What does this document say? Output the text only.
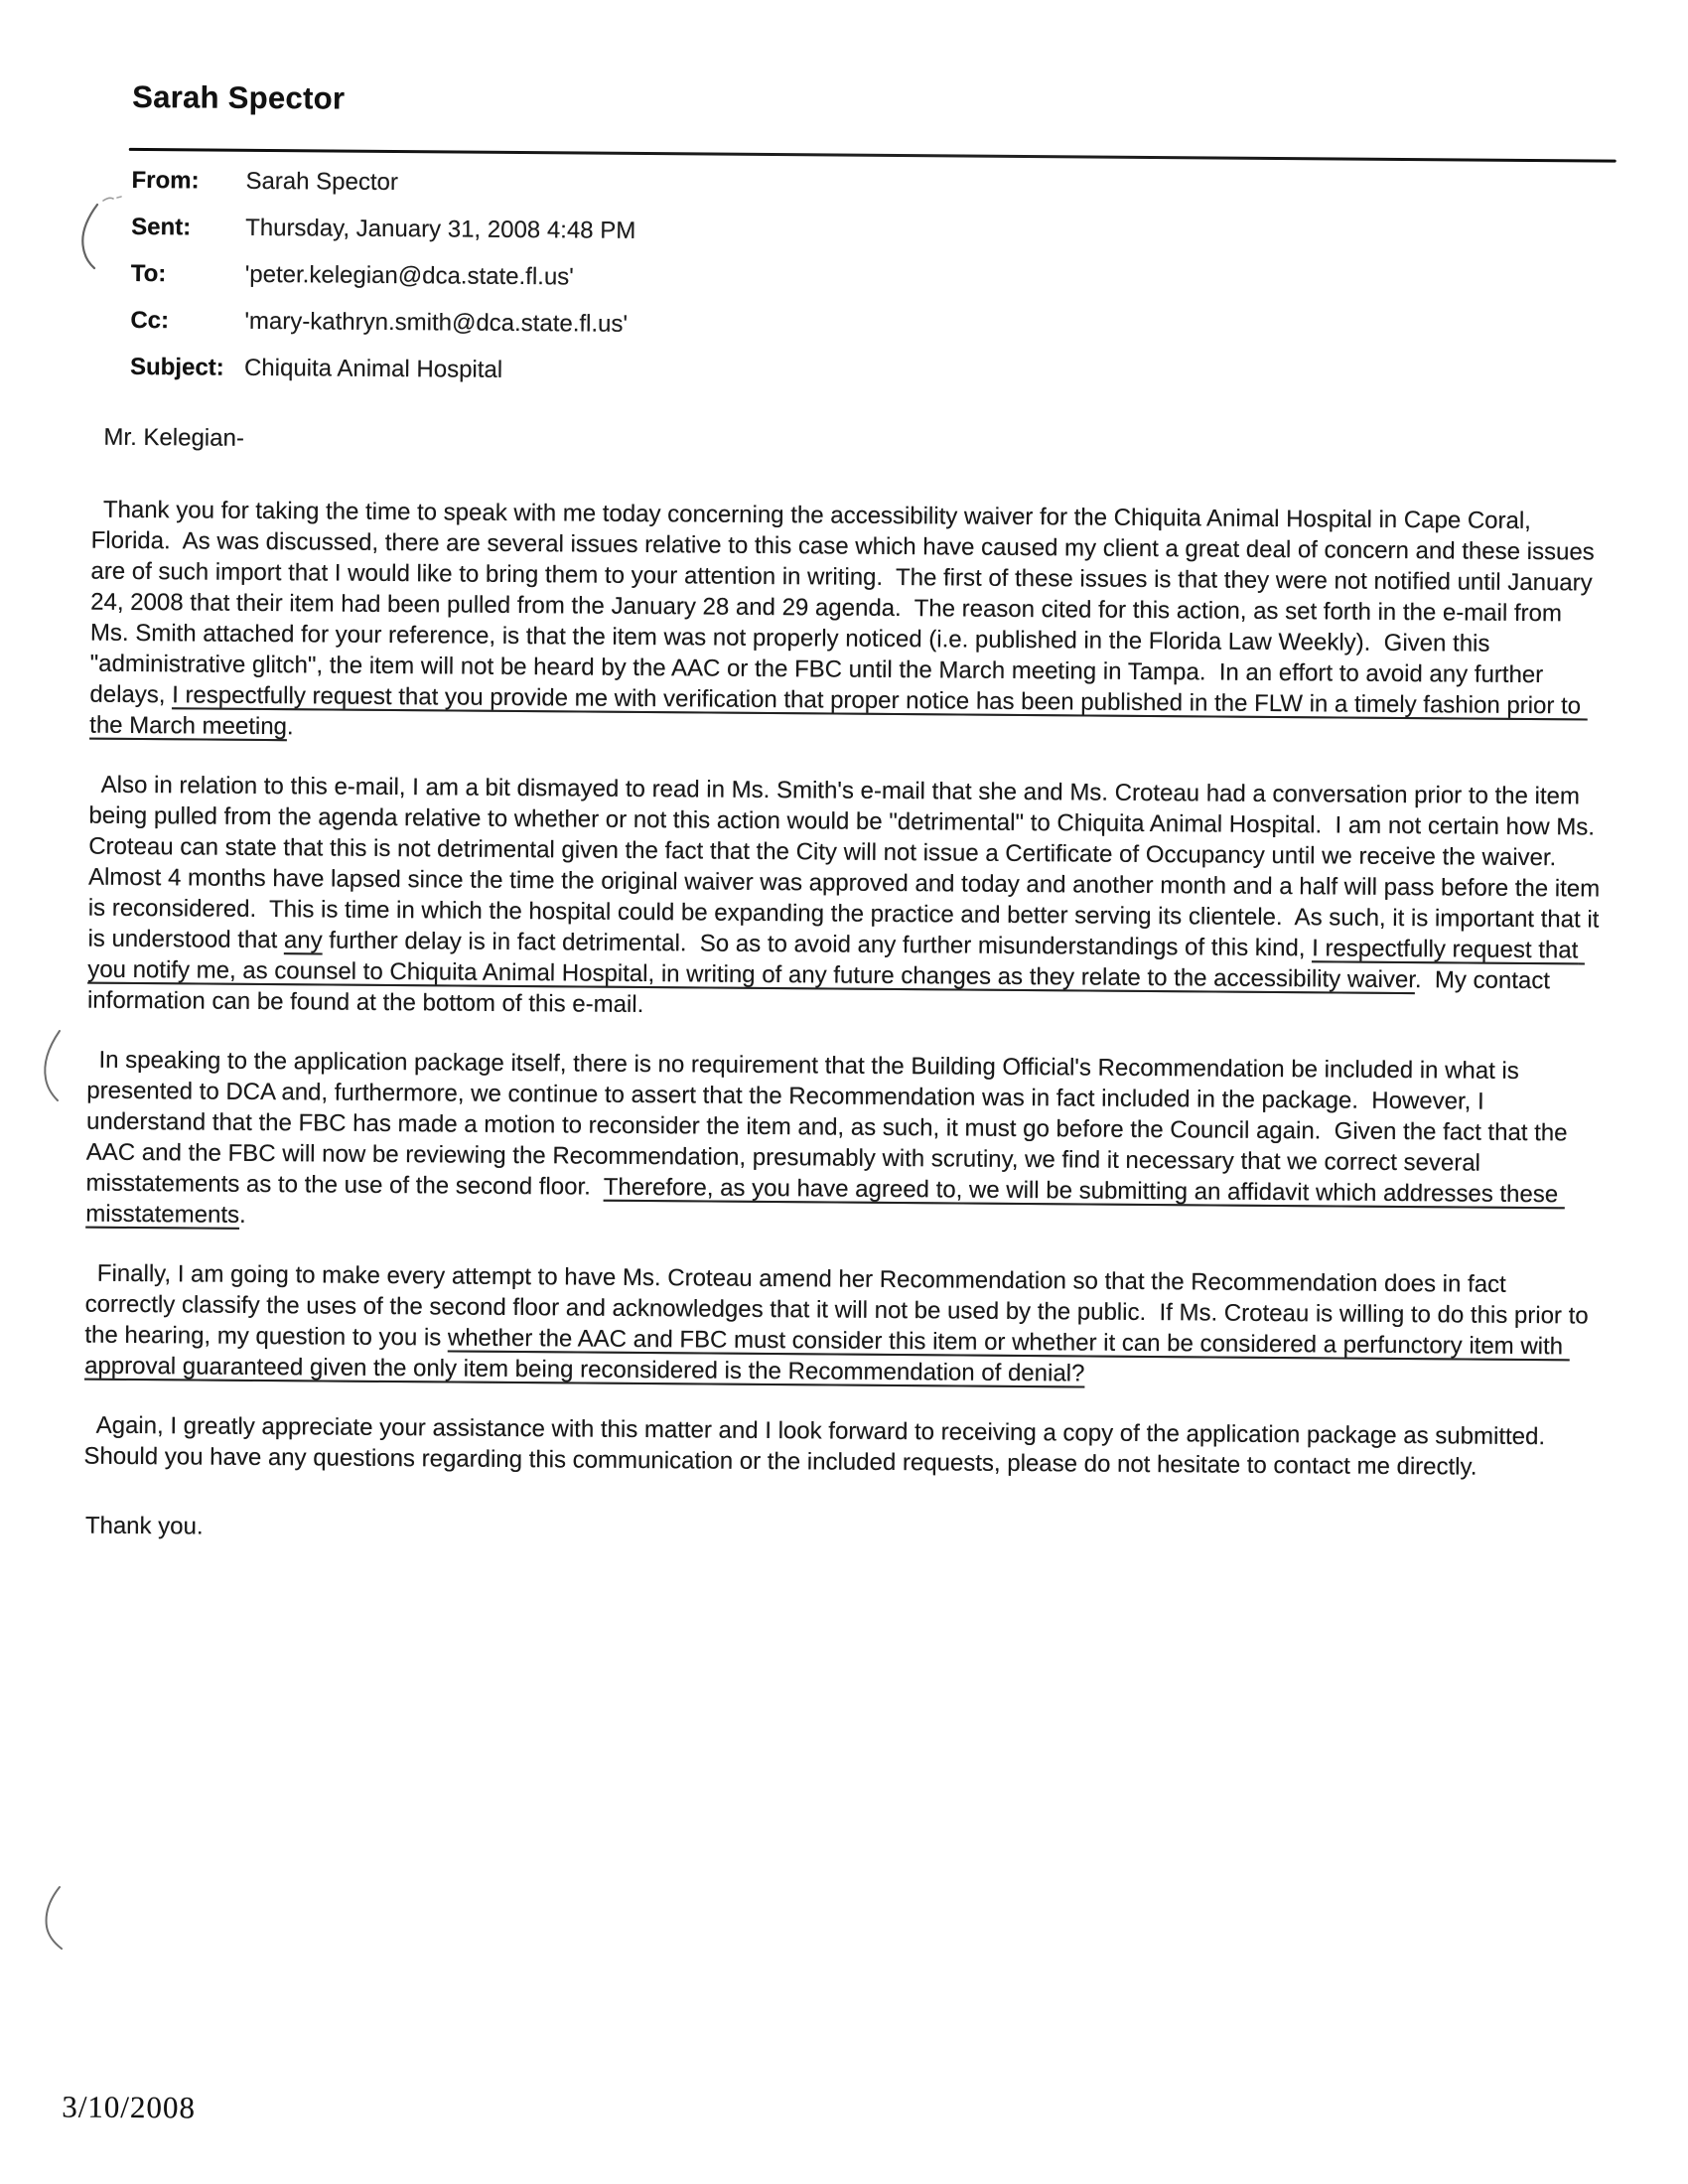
Sarah Spector
From:	Sarah Spector
Sent:	Thursday, January 31, 2008 4:48 PM
To:	'peter.kelegian@dca.state.fl.us'
Cc:	'mary-kathryn.smith@dca.state.fl.us'
Subject: Chiquita Animal Hospital

Mr. Kelegian-

Thank you for taking the time to speak with me today concerning the accessibility waiver for the Chiquita Animal Hospital in Cape Coral, Florida.  As was discussed, there are several issues relative to this case which have caused my client a great deal of concern and these issues are of such import that I would like to bring them to your attention in writing.  The first of these issues is that they were not notified until January 24, 2008 that their item had been pulled from the January 28 and 29 agenda.  The reason cited for this action, as set forth in the e-mail from Ms. Smith attached for your reference, is that the item was not properly noticed (i.e. published in the Florida Law Weekly).  Given this "administrative glitch", the item will not be heard by the AAC or the FBC until the March meeting in Tampa.  In an effort to avoid any further delays, I respectfully request that you provide me with verification that proper notice has been published in the FLW in a timely fashion prior to the March meeting.

Also in relation to this e-mail, I am a bit dismayed to read in Ms. Smith's e-mail that she and Ms. Croteau had a conversation prior to the item being pulled from the agenda relative to whether or not this action would be "detrimental" to Chiquita Animal Hospital.  I am not certain how Ms. Croteau can state that this is not detrimental given the fact that the City will not issue a Certificate of Occupancy until we receive the waiver.  Almost 4 months have lapsed since the time the original waiver was approved and today and another month and a half will pass before the item is reconsidered.  This is time in which the hospital could be expanding the practice and better serving its clientele.  As such, it is important that it is understood that any further delay is in fact detrimental.  So as to avoid any further misunderstandings of this kind, I respectfully request that you notify me, as counsel to Chiquita Animal Hospital, in writing of any future changes as they relate to the accessibility waiver.  My contact information can be found at the bottom of this e-mail.

In speaking to the application package itself, there is no requirement that the Building Official's Recommendation be included in what is presented to DCA and, furthermore, we continue to assert that the Recommendation was in fact included in the package.  However, I understand that the FBC has made a motion to reconsider the item and, as such, it must go before the Council again.  Given the fact that the AAC and the FBC will now be reviewing the Recommendation, presumably with scrutiny, we find it necessary that we correct several misstatements as to the use of the second floor.  Therefore, as you have agreed to, we will be submitting an affidavit which addresses these misstatements.

Finally, I am going to make every attempt to have Ms. Croteau amend her Recommendation so that the Recommendation does in fact correctly classify the uses of the second floor and acknowledges that it will not be used by the public.  If Ms. Croteau is willing to do this prior to the hearing, my question to you is whether the AAC and FBC must consider this item or whether it can be considered a perfunctory item with approval guaranteed given the only item being reconsidered is the Recommendation of denial?

Again, I greatly appreciate your assistance with this matter and I look forward to receiving a copy of the application package as submitted.  Should you have any questions regarding this communication or the included requests, please do not hesitate to contact me directly.

Thank you.

3/10/2008
